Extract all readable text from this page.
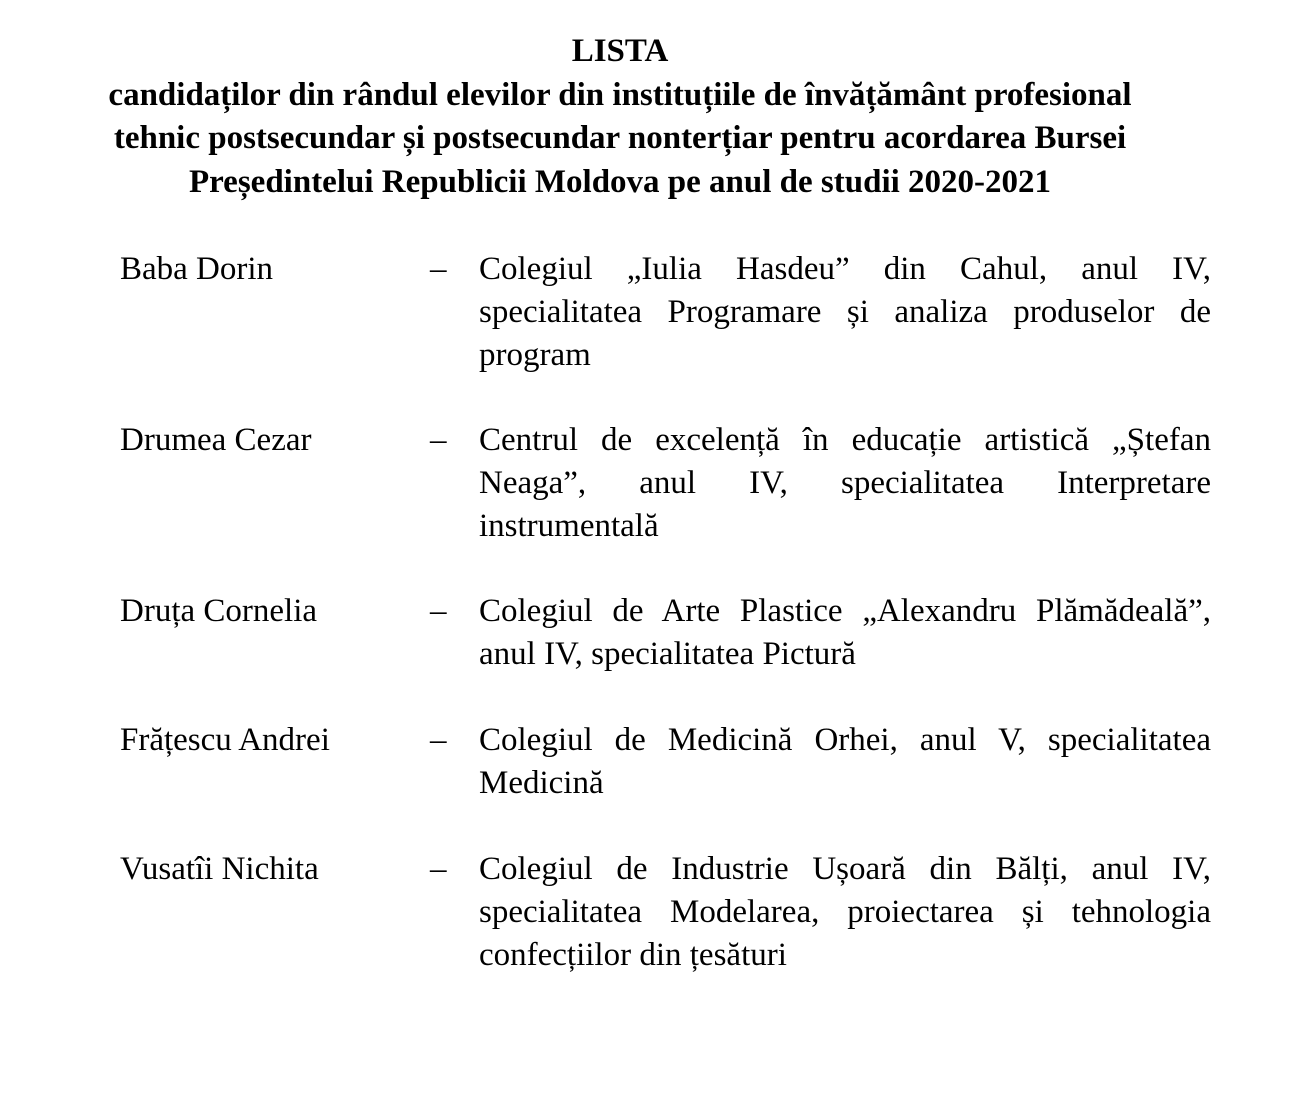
LISTA
candidaților din rândul elevilor din instituțiile de învățământ profesional
tehnic postsecundar și postsecundar nonterțiar pentru acordarea Bursei
Președintelui Republicii Moldova pe anul de studii 2020-2021
Baba Dorin	– Colegiul „Iulia Hasdeu” din Cahul, anul IV, specialitatea Programare și analiza produselor de program
Drumea Cezar	– Centrul de excelență în educație artistică „Ștefan Neaga”, anul IV, specialitatea Interpretare instrumentală
Druța Cornelia	– Colegiul de Arte Plastice „Alexandru Plămădeală”, anul IV, specialitatea Pictură
Frățescu Andrei	– Colegiul de Medicină Orhei, anul V, specialitatea Medicină
Vusatîi Nichita	– Colegiul de Industrie Ușoară din Bălți, anul IV, specialitatea Modelarea, proiectarea și tehnologia confecțiilor din țesături
